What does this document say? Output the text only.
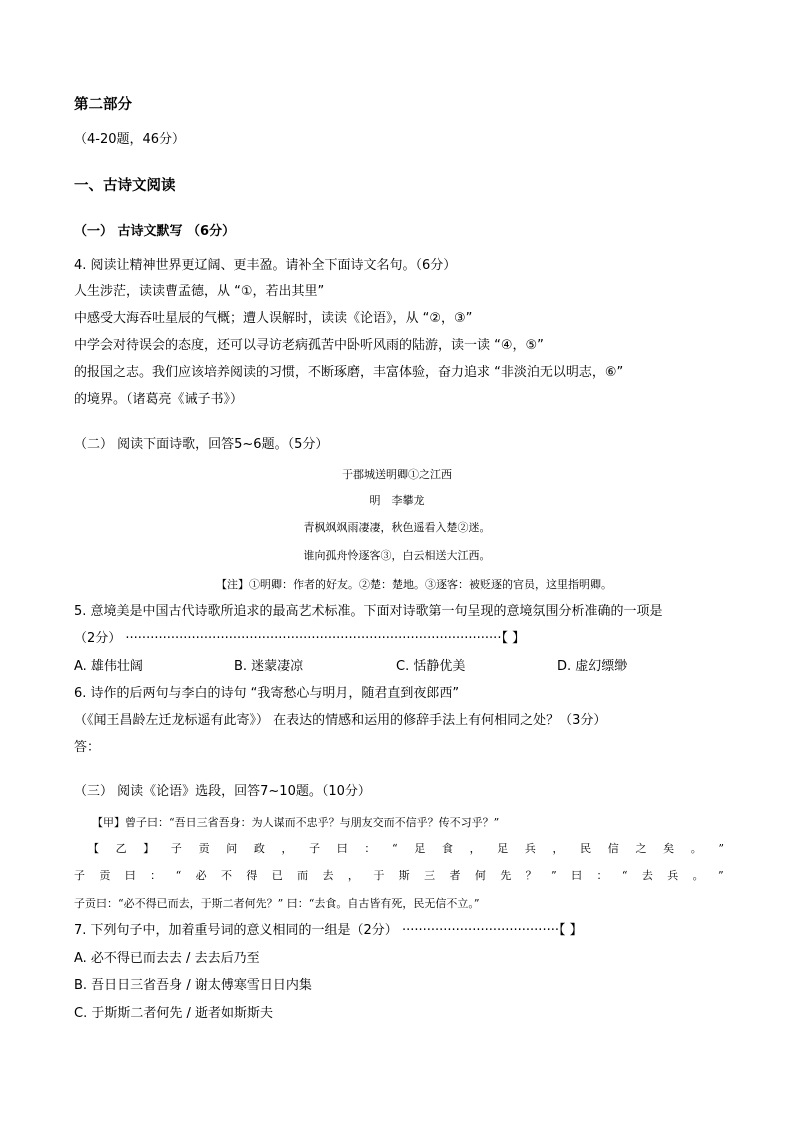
第二部分
（4-20题，46分）
一、古诗文阅读
（一） 古诗文默写 （6分）
4. 阅读让精神世界更辽阔、更丰盈。请补全下面诗文名句。（6分）
人生涉茫，读读曹孟德，从 “①，若出其里”
中感受大海吞吐星辰的气概；遭人误解时，读读《论语》，从 “②，③”
中学会对待误会的态度，还可以寻访老病孤苦中卧听风雨的陆游，读一读 “④，⑤”
的报国之志。我们应该培养阅读的习惯，不断琢磨，丰富体验，奋力追求 “非淡泊无以明志，⑥”
的境界。（诸葛亮《诫子书》）
（二） 阅读下面诗歌，回答5~6题。（5分）
于郡城送明卿①之江西
明　李攀龙
青枫飒飒雨凄凄，秋色遥看入楚②迷。
谁向孤舟怜逐客③，白云相送大江西。
【注】①明卿：作者的好友。②楚：楚地。③逐客：被贬逐的官员，这里指明卿。
5. 意境美是中国古代诗歌所追求的最高艺术标准。下面对诗歌第一句呈现的意境氛围分析准确的一项是
（2分） ···························································································【 】
A. 雄伟壮阔	B. 迷蒙凄凉	C. 恬静优美	D. 虚幻缥缈
6. 诗作的后两句与李白的诗句 “我寄愁心与明月，随君直到夜郎西”
（《闻王昌龄左迁龙标遥有此寄》） 在表达的情感和运用的修辞手法上有何相同之处？（3分）
答：
（三） 阅读《论语》选段，回答7~10题。（10分）
【甲】曾子曰：“吾日三省吾身：为人谋而不忠乎？与朋友交而不信乎？传不习乎？”
【 乙 】 子 贡 问 政 ， 子 曰 ： “ 足 食 ， 足 兵 ， 民 信 之 矣 。 ”
子 贡 曰 ： “ 必 不 得 已 而 去 ， 于 斯 三 者 何 先 ？ ” 曰 ： “ 去 兵 。 ”
子贡曰：“必不得已而去，于斯二者何先？” 曰：“去食。自古皆有死，民无信不立。”
7. 下列句子中，加着重号词的意义相同的一组是（2分） ······································【 】
A. 必不得已而去去 / 去去后乃至
B. 吾日日三省吾身 / 谢太傅寒雪日日内集
C. 于斯斯二者何先 / 逝者如斯斯夫
